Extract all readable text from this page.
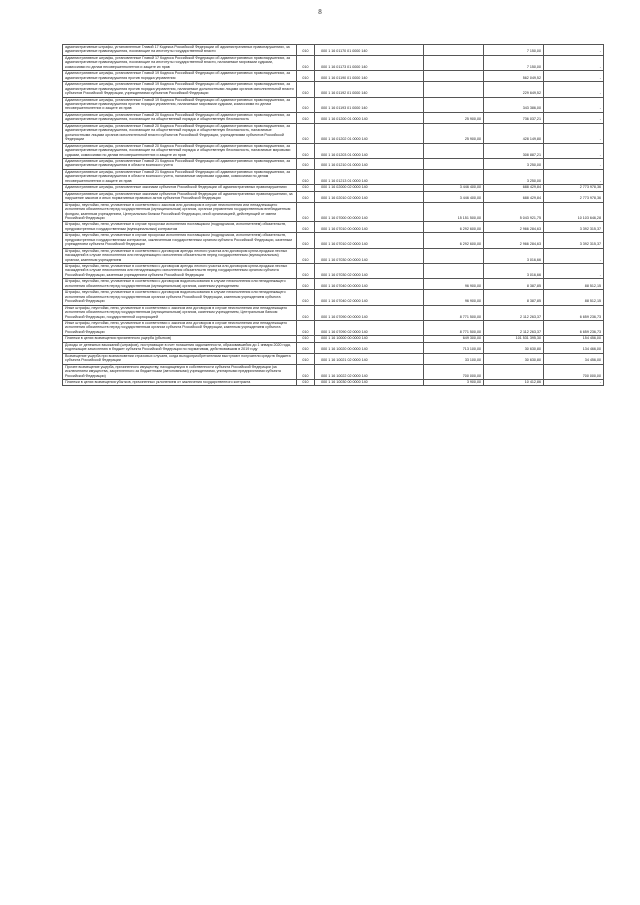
8
административные штрафы, установленные Главой 17 Кодекса Российской Федерации об административных правонарушениях, за административные правонарушения, посягающие на институты государственной власти	010	000 1 16 01170 01 0000 140		7 150,00	-
Административные штрафы, установленные Главой 17 Кодекса Российской Федерации об административных правонарушениях, за административные правонарушения, посягающие на институты государственной власти, налагаемые мировыми судьями, комиссиями по делам несовершеннолетних и защите их прав	010	000 1 16 01173 01 0000 140		7 150,00	-
Административные штрафы, установленные Главой 19 Кодекса Российской Федерации об административных правонарушениях, за административные правонарушения против порядка управления	010	000 1 16 01190 01 0000 140		562 049,52	-
Административные штрафы, установленные Главой 19 Кодекса Российской Федерации об административных правонарушениях, за административные правонарушения против порядка управления, налагаемые должностными лицами органов исполнительной власти субъектов Российской Федерации, учреждениями субъектов Российской Федерации	010	000 1 16 01192 01 0000 140		229 649,52	-
Административные штрафы, установленные Главой 19 Кодекса Российской Федерации об административных правонарушениях, за административные правонарушения против порядка управления, налагаемые мировыми судьями, комиссиями по делам несовершеннолетних и защите их прав	010	000 1 16 01193 01 0000 140		343 386,00	-
Административные штрафы, установленные Главой 20 Кодекса Российской Федерации об административных правонарушениях, за административные правонарушения, посягающие на общественный порядок и общественную безопасность	010	000 1 16 01200 01 0000 140	25 900,00	736 037,21	-
Административные штрафы, установленные Главой 20 Кодекса Российской Федерации об административных правонарушениях, за административные правонарушения, посягающие на общественный порядок и общественную безопасность, налагаемые должностными лицами органов исполнительной власти субъектов Российской Федерации, учреждениями субъектов Российской Федерации	010	000 1 16 01202 01 0000 140	25 900,00	428 149,80	-
Административные штрафы, установленные Главой 20 Кодекса Российской Федерации об административных правонарушениях, за административные правонарушения, посягающие на общественный порядок и общественную безопасность, налагаемые мировыми судьями, комиссиями по делам несовершеннолетних и защите их прав	010	000 1 16 01203 01 0000 140		308 887,21	-
Административные штрафы, установленные Главой 21 Кодекса Российской Федерации об административных правонарушениях, за административные правонарушения в области воинского учета	010	000 1 16 01210 01 0000 140		3 250,00	-
Административные штрафы, установленные Главой 21 Кодекса Российской Федерации об административных правонарушениях, за административные правонарушения в области воинского учета, налагаемые мировыми судьями, комиссиями по делам несовершеннолетних и защите их прав	010	000 1 16 01213 01 0000 140		3 250,00	-
Административные штрафы, установленные законами субъектов Российской Федерации об административных правонарушениях	010	000 1 16 02000 02 0000 140	3 446 400,00	688 429,84	2 773 978,36
Административные штрафы, установленные законами субъектов Российской Федерации об административных правонарушениях, за нарушение законов и иных нормативных правовых актов субъектов Российской Федерации	010	000 1 16 02010 02 0000 140	3 446 400,00	688 429,84	2 773 978,36
Штрафы, неустойки, пени, уплаченные в соответствии с законом или договором в случае неисполнения или ненадлежащего исполнения обязательств перед государственным (муниципальным) органом, органом управления государственным внебюджетным фондом, казенным учреждением, Центральным банком Российской Федерации, иной организацией, действующей от имени Российской Федерации	010	000 1 16 07000 00 0000 140	15 151 500,00	5 043 921,75	10 103 646,28
Штрафы, неустойки, пени, уплаченные в случае просрочки исполнения поставщиком (подрядчиком, исполнителем) обязательств, предусмотренных государственным (муниципальным) контрактом	010	000 1 16 07010 00 0000 140	6 292 600,00	2 966 284,63	3 392 315,37
Штрафы, неустойки, пени, уплаченные в случае просрочки исполнения поставщиком (подрядчиком, исполнителем) обязательств, предусмотренных государственным контрактом, заключенным государственным органом субъекта Российской Федерации, казенным учреждением субъекта Российской Федерации	010	000 1 16 07010 02 0000 140	6 292 600,00	2 966 284,63	3 392 315,37
Штрафы, неустойки, пени, уплаченные в соответствии с договором аренды лесного участка или договором купли-продажи лесных насаждений в случае неисполнения или ненадлежащего исполнения обязательств перед государственным (муниципальным) органом, казенным учреждением	010	000 1 16 07030 00 0000 140		3 016,66	-
Штрафы, неустойки, пени, уплаченные в соответствии с договором аренды лесного участка или договором купли-продажи лесных насаждений в случае неисполнения или ненадлежащего исполнения обязательств перед государственным органом субъекта Российской Федерации, казенным учреждением субъекта Российской Федерации	010	000 1 16 07030 02 0000 140		3 016,66	-
Штрафы, неустойки, пени, уплаченные в соответствии с договором водопользования в случае неисполнения или ненадлежащего исполнения обязательств перед государственным (муниципальным) органом, казенным учреждением	010	000 1 16 07040 00 0000 140	96 900,00	8 387,85	88 512,15
Штрафы, неустойки, пени, уплаченные в соответствии с договором водопользования в случае неисполнения или ненадлежащего исполнения обязательств перед государственным органом субъекта Российской Федерации, казенным учреждением субъекта Российской Федерации	010	000 1 16 07040 02 0000 140	96 900,00	8 387,85	88 512,15
Иные штрафы, неустойки, пени, уплаченные в соответствии с законом или договором в случае неисполнения или ненадлежащего исполнения обязательств перед государственным (муниципальным) органом, казенным учреждением, Центральным банком Российской Федерации, государственной корпорацией	010	000 1 16 07090 00 0000 140	8 771 500,00	2 112 263,37	6 659 236,73
Иные штрафы, неустойки, пени, уплаченные в соответствии с законом или договором в случае неисполнения или ненадлежащего исполнения обязательств перед государственным органом субъекта Российской Федерации, казенным учреждением субъекта Российской Федерации	010	000 1 16 07090 02 0000 140	8 771 500,00	2 112 263,37	6 659 236,73
Платежи в целях возмещения причиненного ущерба (убытков)	010	000 1 16 10000 00 0000 140	649 300,00	101 531 395,30	154 456,00
Доходы от денежных взысканий (штрафов), поступающие в счет погашения задолженности, образовавшейся до 1 января 2020 года, подлежащие зачислению в бюджет субъекта Российской Федерации по нормативам, действовавшим в 2019 году	010	000 1 16 10020 00 0000 140	713 100,00	30 630,80	134 466,00
Возмещение ущерба при возникновении страховых случаев, когда выгодоприобретателями выступают получатели средств бюджета субъекта Российской Федерации	010	000 1 16 10021 02 0000 140	33 100,00	30 630,80	34 456,00
Прочее возмещение ущерба, причиненного имуществу, находящемуся в собственности субъекта Российской Федерации (за исключением имущества, закрепленного за бюджетными (автономными) учреждениями, унитарными предприятиями субъекта Российской Федерации)	010	000 1 16 10022 02 0000 140	700 000,00		700 000,00
Платежи в целях возмещения убытков, причиненных уклонением от заключения государственного контракта	010	000 1 16 10030 00 0000 140	3 900,00	10 412,86	-
